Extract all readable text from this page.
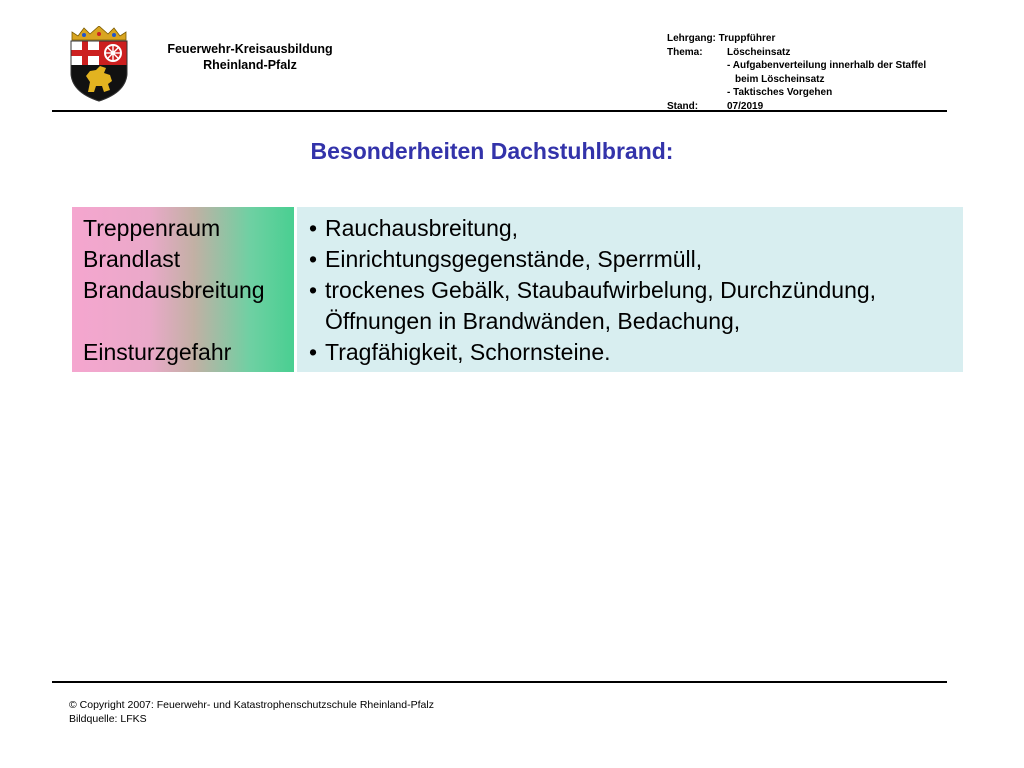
Feuerwehr-Kreisausbildung
Rheinland-Pfalz
Lehrgang:
Truppführer
Thema:	Löscheinsatz
- Aufgabenverteilung innerhalb der Staffel
beim Löscheinsatz
- Taktisches Vorgehen
Stand:	07/2019
Besonderheiten Dachstuhlbrand:
Treppenraum
Brandlast
Brandausbreitung
Einsturzgefahr
• Rauchausbreitung,
• Einrichtungsgegenstände, Sperrmüll,
• trockenes Gebälk, Staubaufwirbelung, Durchzündung,
Öffnungen in Brandwänden, Bedachung,
• Tragfähigkeit, Schornsteine.
© Copyright 2007: Feuerwehr- und Katastrophenschutzschule Rheinland-Pfalz
Bildquelle: LFKS
